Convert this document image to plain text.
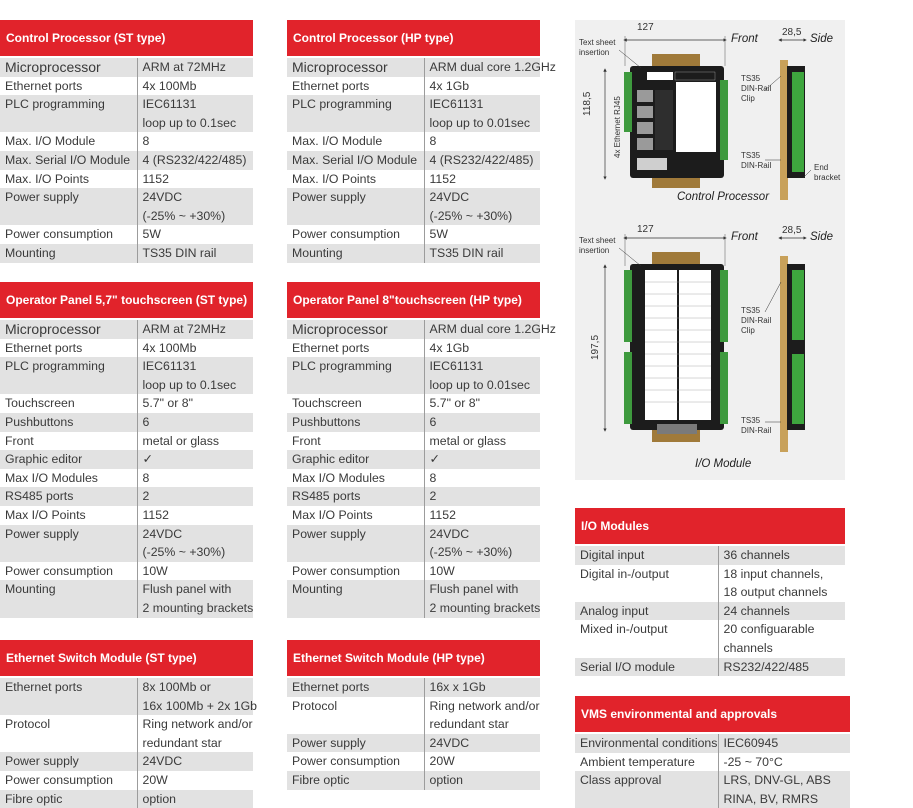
Control Processor (ST type)
Microprocessor	ARM at 72MHz

Ethernet ports	4x 100Mb

PLC programming	IEC61131
loop up to 0.1sec

Max. I/O Module	8

Max. Serial I/O Module	4 (RS232/422/485)

Max. I/O Points	1152

Power supply	24VDC
(-25% ~ +30%)

Power consumption	5W

Mounting	TS35 DIN rail
Control Processor (HP type)
Microprocessor	ARM dual core 1.2GHz

Ethernet ports	4x 1Gb

PLC programming	IEC61131
loop up to 0.01sec

Max. I/O Module	8

Max. Serial I/O Module	4 (RS232/422/485)

Max. I/O Points	1152

Power supply	24VDC
(-25% ~ +30%)

Power consumption	5W

Mounting	TS35 DIN rail
Operator Panel 5,7" touchscreen (ST type)
Microprocessor	ARM at 72MHz

Ethernet ports	4x 100Mb

PLC programming	IEC61131
loop up to 0.1sec

Touchscreen	5.7" or 8"

Pushbuttons	6

Front	metal or glass

Graphic editor	✓

Max I/O Modules	8

RS485 ports	2

Max I/O Points	1152

Power supply	24VDC
(-25% ~ +30%)

Power consumption	10W

Mounting	Flush panel with
2 mounting brackets
Operator Panel 8"touchscreen (HP type)
Microprocessor	ARM dual core 1.2GHz

Ethernet ports	4x 1Gb

PLC programming	IEC61131
loop up to 0.01sec

Touchscreen	5.7" or 8"

Pushbuttons	6

Front	metal or glass

Graphic editor	✓

Max I/O Modules	8

RS485 ports	2

Max I/O Points	1152

Power supply	24VDC
(-25% ~ +30%)

Power consumption	10W

Mounting	Flush panel with
2 mounting brackets
Ethernet Switch Module (ST type)
Ethernet ports	8x 100Mb or
16x 100Mb + 2x 1Gb

Protocol	Ring network and/or
redundant star

Power supply	24VDC

Power consumption	20W

Fibre optic	option
Ethernet Switch Module (HP type)
Ethernet ports	16x x 1Gb

Protocol	Ring network and/or
redundant star

Power supply	24VDC

Power consumption	20W

Fibre optic	option
I/O Modules
Digital input	36 channels

Digital in-/output	18 input channels,
18 output channels

Analog input	24 channels

Mixed in-/output	20 configuarable
channels

Serial I/O module	RS232/422/485
VMS environmental and approvals
Environmental conditions	IEC60945

Ambient temperature	-25 ~ 70°C

Class approval	LRS, DNV-GL, ABS
RINA, BV, RMRS
127
Front
28,5
Side
Text sheet
insertion
118,5	4x Ethernet RJ45
TS35
DIN-Rail
Clip
TS35
DIN-Rail	End
bracket
Control Processor
127
Front
28,5
Side
Text sheet
insertion
197,5
TS35
DIN-Rail
Clip
TS35
DIN-Rail
I/O Module
